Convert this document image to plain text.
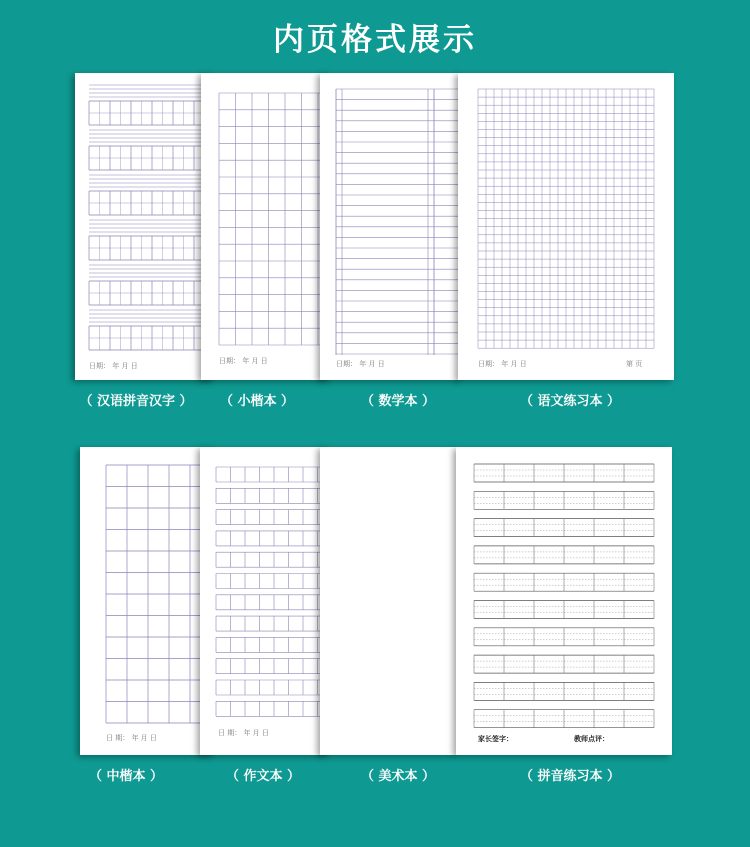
内页格式展示
日期： 年 月 日
日期： 年 月 日	日期： 年 月 日	日期： 年 月 日	第 页
（ 汉语拼音汉字 ）	（ 小楷本 ）	（ 数学本 ）	（ 语文练习本 ）
日 期： 年 月 日
日 期： 年 月 日
家长签字：	教师点评：
（ 中楷本 ）	（ 作文本 ）	（ 美术本 ）	（ 拼音练习本 ）
